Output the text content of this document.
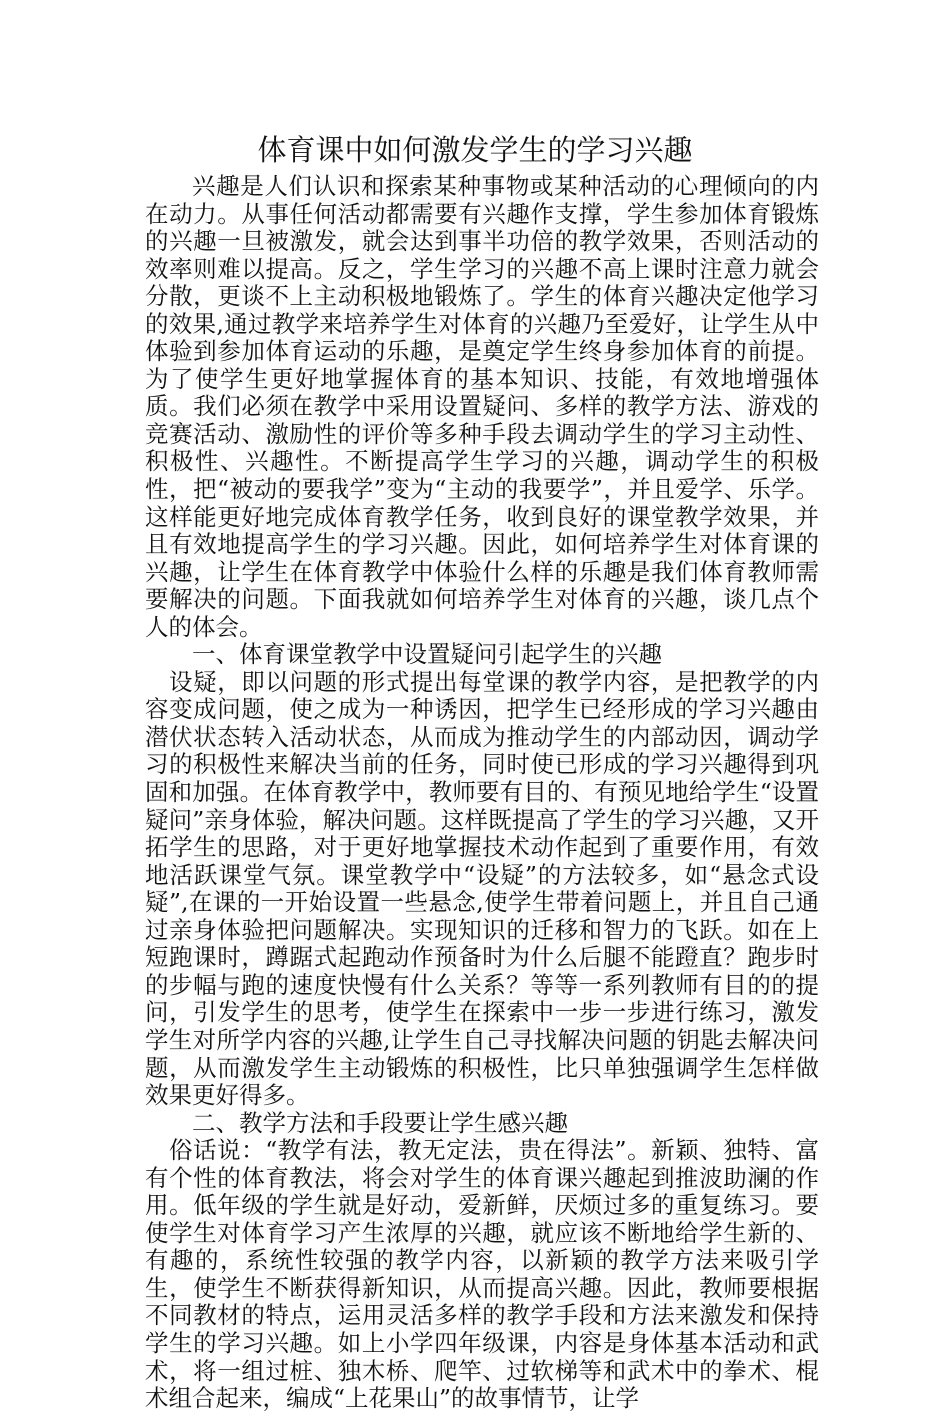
体育课中如何激发学生的学习兴趣

兴趣是人们认识和探索某种事物或某种活动的心理倾向的内在动力。从事任何活动都需要有兴趣作支撑，学生参加体育锻炼的兴趣一旦被激发，就会达到事半功倍的教学效果，否则活动的效率则难以提高。反之，学生学习的兴趣不高上课时注意力就会分散，更谈不上主动积极地锻炼了。学生的体育兴趣决定他学习的效果,通过教学来培养学生对体育的兴趣乃至爱好，让学生从中体验到参加体育运动的乐趣，是奠定学生终身参加体育的前提。为了使学生更好地掌握体育的基本知识、技能，有效地增强体质。我们必须在教学中采用设置疑问、多样的教学方法、游戏的竞赛活动、激励性的评价等多种手段去调动学生的学习主动性、积极性、兴趣性。不断提高学生学习的兴趣，调动学生的积极性，把“被动的要我学”变为“主动的我要学”，并且爱学、乐学。这样能更好地完成体育教学任务，收到良好的课堂教学效果，并且有效地提高学生的学习兴趣。因此，如何培养学生对体育课的兴趣，让学生在体育教学中体验什么样的乐趣是我们体育教师需要解决的问题。下面我就如何培养学生对体育的兴趣，谈几点个人的体会。

一、体育课堂教学中设置疑问引起学生的兴趣

设疑，即以问题的形式提出每堂课的教学内容，是把教学的内容变成问题，使之成为一种诱因，把学生已经形成的学习兴趣由潜伏状态转入活动状态，从而成为推动学生的内部动因，调动学习的积极性来解决当前的任务，同时使已形成的学习兴趣得到巩固和加强。在体育教学中，教师要有目的、有预见地给学生“设置疑问”亲身体验，解决问题。这样既提高了学生的学习兴趣，又开拓学生的思路，对于更好地掌握技术动作起到了重要作用，有效地活跃课堂气氛。课堂教学中“设疑”的方法较多，如“悬念式设疑”,在课的一开始设置一些悬念,使学生带着问题上，并且自己通过亲身体验把问题解决。实现知识的迁移和智力的飞跃。如在上短跑课时，蹲踞式起跑动作预备时为什么后腿不能蹬直？跑步时的步幅与跑的速度快慢有什么关系？等等一系列教师有目的的提问，引发学生的思考，使学生在探索中一步一步进行练习，激发学生对所学内容的兴趣,让学生自己寻找解决问题的钥匙去解决问题，从而激发学生主动锻炼的积极性，比只单独强调学生怎样做效果更好得多。

二、教学方法和手段要让学生感兴趣

俗话说：“教学有法，教无定法，贵在得法”。新颖、独特、富有个性的体育教法，将会对学生的体育课兴趣起到推波助澜的作用。低年级的学生就是好动，爱新鲜，厌烦过多的重复练习。要使学生对体育学习产生浓厚的兴趣，就应该不断地给学生新的、有趣的，系统性较强的教学内容，以新颖的教学方法来吸引学生，使学生不断获得新知识，从而提高兴趣。因此，教师要根据不同教材的特点，运用灵活多样的教学手段和方法来激发和保持学生的学习兴趣。如上小学四年级课，内容是身体基本活动和武术，将一组过桩、独木桥、爬竿、过软梯等和武术中的拳术、棍术组合起来，编成“上花果山”的故事情节，让学
